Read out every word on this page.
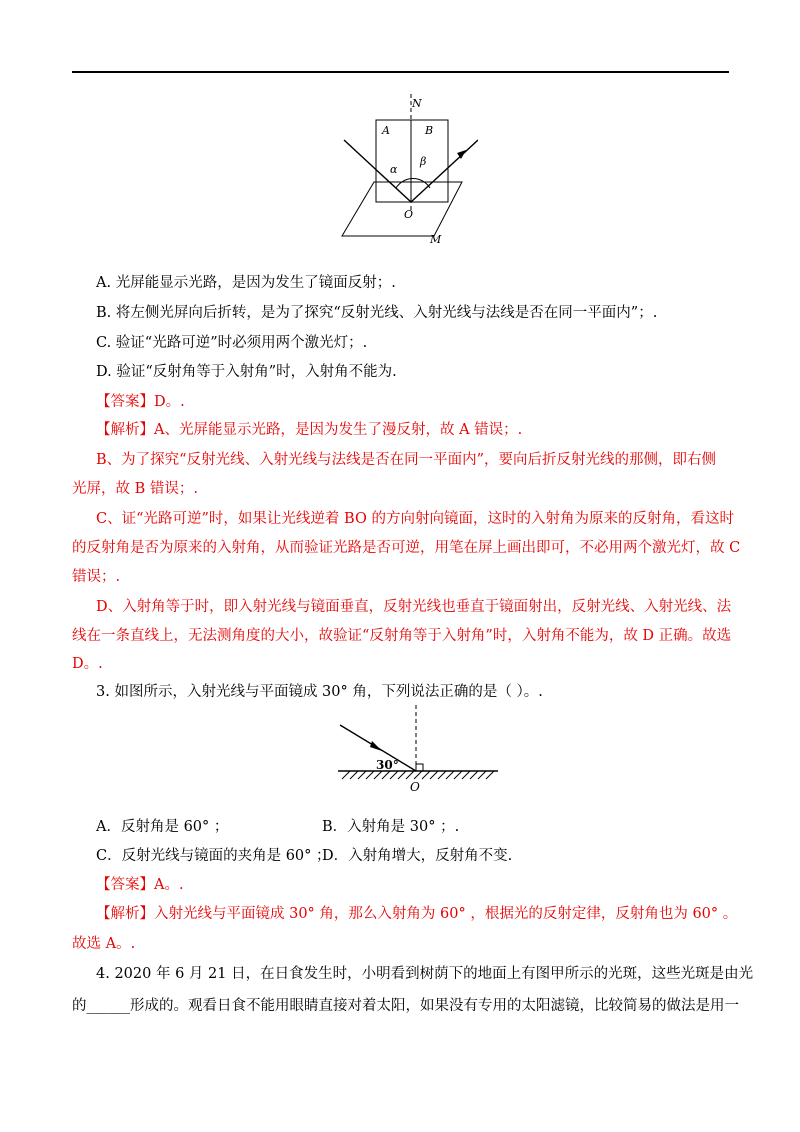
N
A	B
α
β
O
M
A. 光屏能显示光路，是因为发生了镜面反射；.
B. 将左侧光屏向后折转，是为了探究“反射光线、入射光线与法线是否在同一平面内”；.
C. 验证“光路可逆”时必须用两个激光灯；.
D. 验证“反射角等于入射角”时，入射角不能为.
【答案】D。.
【解析】A、光屏能显示光路，是因为发生了漫反射，故 A 错误；.
B、为了探究“反射光线、入射光线与法线是否在同一平面内”，要向后折反射光线的那侧，即右侧
光屏，故 B 错误；.
C、证“光路可逆”时，如果让光线逆着 BO 的方向射向镜面，这时的入射角为原来的反射角，看这时
的反射角是否为原来的入射角，从而验证光路是否可逆，用笔在屏上画出即可，不必用两个激光灯，故 C
错误；.
D、入射角等于时，即入射光线与镜面垂直，反射光线也垂直于镜面射出，反射光线、入射光线、法
线在一条直线上，无法测角度的大小，故验证“反射角等于入射角”时，入射角不能为，故 D 正确。故选
D。.
3. 如图所示，入射光线与平面镜成 30° 角，下列说法正确的是（ ）。.
30°
O
A．反射角是 60° ；	B．入射角是 30° ；.
C．反射光线与镜面的夹角是 60° ；
D．入射角增大，反射角不变.
【答案】A。.
【解析】入射光线与平面镜成 30° 角，那么入射角为 60° ，根据光的反射定律，反射角也为 60° 。
故选 A。.
4. 2020 年 6 月 21 日，在日食发生时，小明看到树荫下的地面上有图甲所示的光斑，这些光斑是由光
的______形成的。观看日食不能用眼睛直接对着太阳，如果没有专用的太阳滤镜，比较简易的做法是用一
